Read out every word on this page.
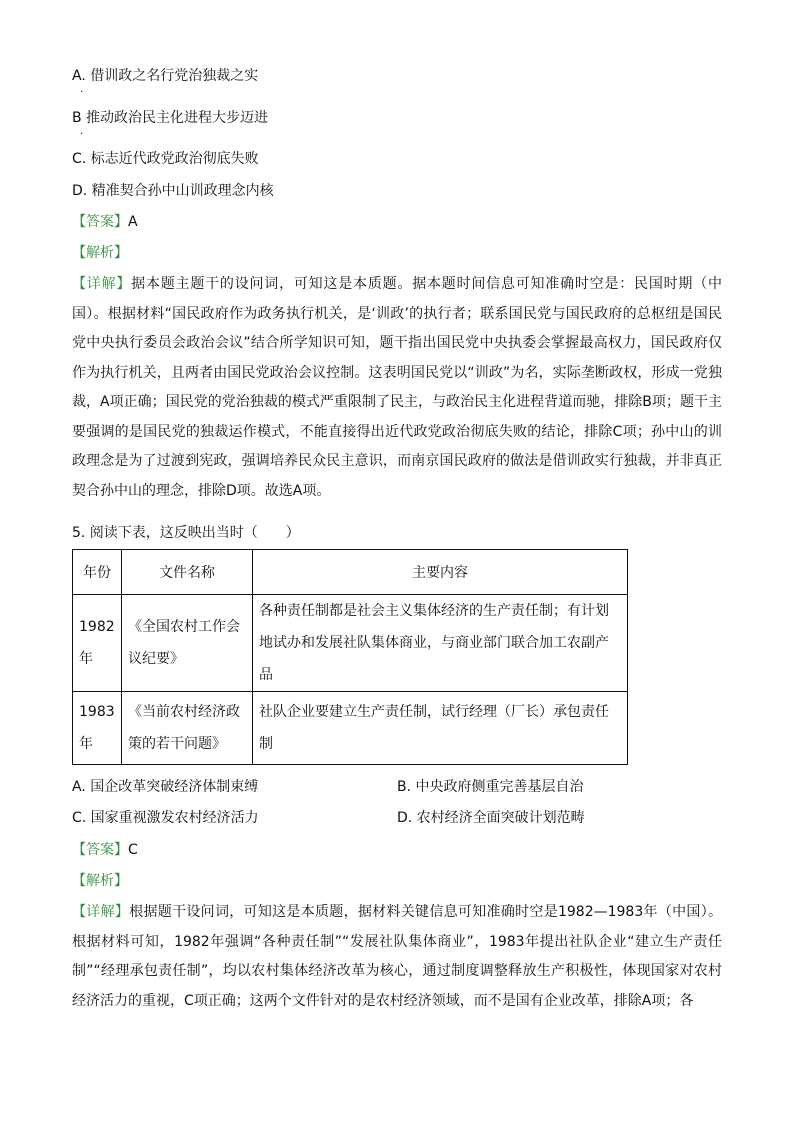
A. 借训政之名行党治独裁之实
·
B 推动政治民主化进程大步迈进
·
C. 标志近代政党政治彻底失败
D. 精准契合孙中山训政理念内核
【答案】A
【解析】
【详解】据本题主题干的设问词，可知这是本质题。据本题时间信息可知准确时空是：民国时期（中国）。根据材料“国民政府作为政务执行机关，是‘训政’的执行者；联系国民党与国民政府的总枢纽是国民党中央执行委员会政治会议”结合所学知识可知，题干指出国民党中央执委会掌握最高权力，国民政府仅作为执行机关，且两者由国民党政治会议控制。这表明国民党以“训政”为名，实际垄断政权，形成一党独裁，A项正确；国民党的党治独裁的模式严重限制了民主，与政治民主化进程背道而驰，排除B项；题干主要强调的是国民党的独裁运作模式，不能直接得出近代政党政治彻底失败的结论，排除C项；孙中山的训政理念是为了过渡到宪政，强调培养民众民主意识，而南京国民政府的做法是借训政实行独裁，并非真正契合孙中山的理念，排除D项。故选A项。
5. 阅读下表，这反映出当时（　　）
年份	文件名称	主要内容
1982年	《全国农村工作会议纪要》	各种责任制都是社会主义集体经济的生产责任制；有计划地试办和发展社队集体商业，与商业部门联合加工农副产品
1983年	《当前农村经济政策的若干问题》	社队企业要建立生产责任制，试行经理（厂长）承包责任制
A. 国企改革突破经济体制束缚	B. 中央政府侧重完善基层自治
C. 国家重视激发农村经济活力	D. 农村经济全面突破计划范畴
【答案】C
【解析】
【详解】根据题干设问词，可知这是本质题，据材料关键信息可知准确时空是1982—1983年（中国）。根据材料可知，1982年强调“各种责任制”“发展社队集体商业”，1983年提出社队企业“建立生产责任制”“经理承包责任制”，均以农村集体经济改革为核心，通过制度调整释放生产积极性，体现国家对农村经济活力的重视，C项正确；这两个文件针对的是农村经济领域，而不是国有企业改革，排除A项；各
